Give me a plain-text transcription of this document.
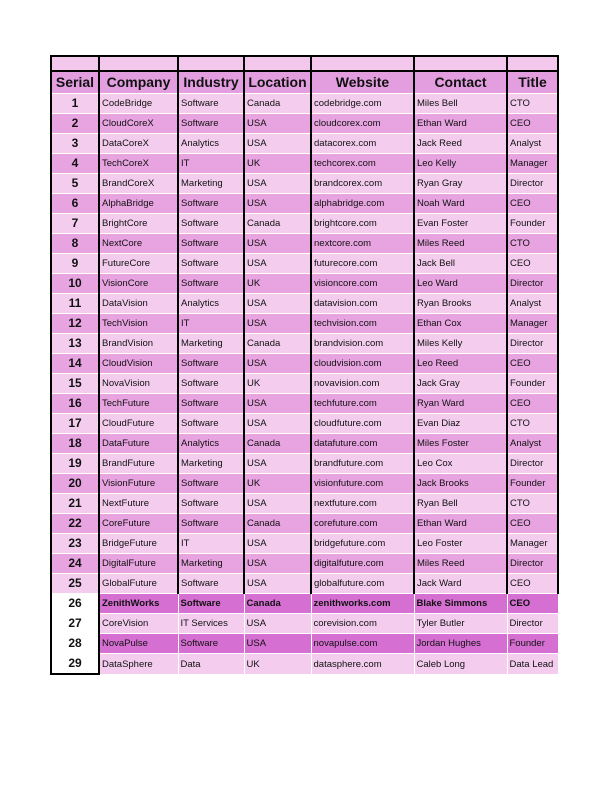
Serial	Company	Industry	Location	Website	Contact	Title
1	CodeBridge	Software	Canada	codebridge.com	Miles Bell	CTO
2	CloudCoreX	Software	USA	cloudcorex.com	Ethan Ward	CEO
3	DataCoreX	Analytics	USA	datacorex.com	Jack Reed	Analyst
4	TechCoreX	IT	UK	techcorex.com	Leo Kelly	Manager
5	BrandCoreX	Marketing	USA	brandcorex.com	Ryan Gray	Director
6	AlphaBridge	Software	USA	alphabridge.com	Noah Ward	CEO
7	BrightCore	Software	Canada	brightcore.com	Evan Foster	Founder
8	NextCore	Software	USA	nextcore.com	Miles Reed	CTO
9	FutureCore	Software	USA	futurecore.com	Jack Bell	CEO
10	VisionCore	Software	UK	visioncore.com	Leo Ward	Director
11	DataVision	Analytics	USA	datavision.com	Ryan Brooks	Analyst
12	TechVision	IT	USA	techvision.com	Ethan Cox	Manager
13	BrandVision	Marketing	Canada	brandvision.com	Miles Kelly	Director
14	CloudVision	Software	USA	cloudvision.com	Leo Reed	CEO
15	NovaVision	Software	UK	novavision.com	Jack Gray	Founder
16	TechFuture	Software	USA	techfuture.com	Ryan Ward	CEO
17	CloudFuture	Software	USA	cloudfuture.com	Evan Diaz	CTO
18	DataFuture	Analytics	Canada	datafuture.com	Miles Foster	Analyst
19	BrandFuture	Marketing	USA	brandfuture.com	Leo Cox	Director
20	VisionFuture	Software	UK	visionfuture.com	Jack Brooks	Founder
21	NextFuture	Software	USA	nextfuture.com	Ryan Bell	CTO
22	CoreFuture	Software	Canada	corefuture.com	Ethan Ward	CEO
23	BridgeFuture	IT	USA	bridgefuture.com	Leo Foster	Manager
24	DigitalFuture	Marketing	USA	digitalfuture.com	Miles Reed	Director
25	GlobalFuture	Software	USA	globalfuture.com	Jack Ward	CEO
26	ZenithWorks	Software	Canada	zenithworks.com	Blake Simmons	CEO
27	CoreVision	IT Services	USA	corevision.com	Tyler Butler	Director
28	NovaPulse	Software	USA	novapulse.com	Jordan Hughes	Founder
29	DataSphere	Data	UK	datasphere.com	Caleb Long	Data Lead
